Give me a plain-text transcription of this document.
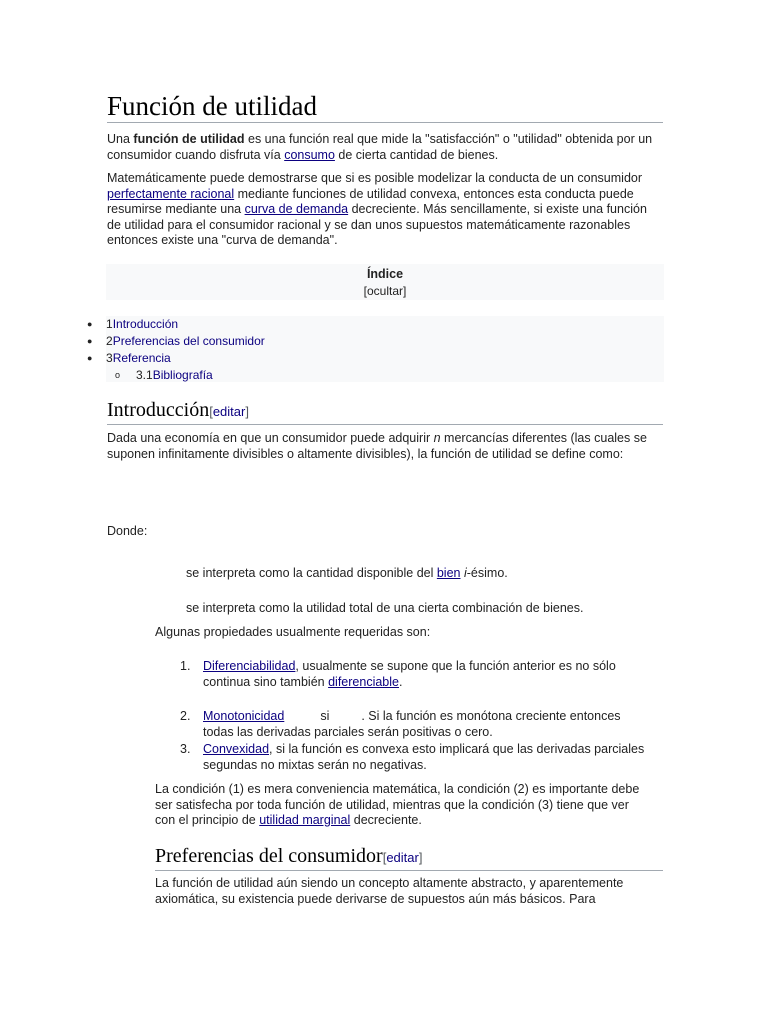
Función de utilidad
Una función de utilidad es una función real que mide la "satisfacción" o "utilidad" obtenida por un consumidor cuando disfruta vía consumo de cierta cantidad de bienes.
Matemáticamente puede demostrarse que si es posible modelizar la conducta de un consumidor perfectamente racional mediante funciones de utilidad convexa, entonces esta conducta puede resumirse mediante una curva de demanda decreciente. Más sencillamente, si existe una función de utilidad para el consumidor racional y se dan unos supuestos matemáticamente razonables entonces existe una "curva de demanda".
Índice
[ocultar]
● 1Introducción
● 2Preferencias del consumidor
● 3Referencia
o 3.1Bibliografía
Introducción[editar]
Dada una economía en que un consumidor puede adquirir n mercancías diferentes (las cuales se suponen infinitamente divisibles o altamente divisibles), la función de utilidad se define como:
Donde:
se interpreta como la cantidad disponible del bien i-ésimo.
se interpreta como la utilidad total de una cierta combinación de bienes.
Algunas propiedades usualmente requeridas son:
1. Diferenciabilidad, usualmente se supone que la función anterior es no sólo continua sino también diferenciable.
2. Monotonicidad	si	. Si la función es monótona creciente entonces todas las derivadas parciales serán positivas o cero.
3. Convexidad, si la función es convexa esto implicará que las derivadas parciales segundas no mixtas serán no negativas.
La condición (1) es mera conveniencia matemática, la condición (2) es importante debe ser satisfecha por toda función de utilidad, mientras que la condición (3) tiene que ver con el principio de utilidad marginal decreciente.
Preferencias del consumidor[editar]
La función de utilidad aún siendo un concepto altamente abstracto, y aparentemente axiomática, su existencia puede derivarse de supuestos aún más básicos. Para
